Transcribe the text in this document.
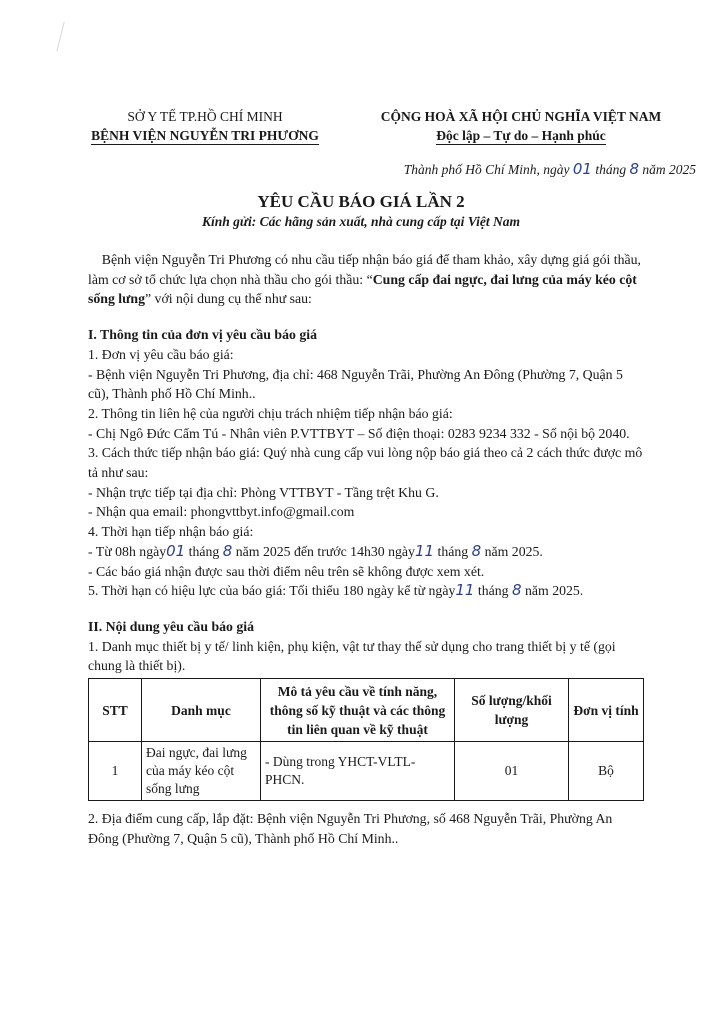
SỞ Y TẾ TP.HỒ CHÍ MINH
BỆNH VIỆN NGUYỄN TRI PHƯƠNG
CỘNG HOÀ XÃ HỘI CHỦ NGHĨA VIỆT NAM
Độc lập – Tự do – Hạnh phúc
Thành phố Hồ Chí Minh, ngày 01 tháng 8 năm 2025
YÊU CẦU BÁO GIÁ LẦN 2
Kính gửi: Các hãng sản xuất, nhà cung cấp tại Việt Nam

Bệnh viện Nguyễn Tri Phương có nhu cầu tiếp nhận báo giá để tham khảo, xây dựng giá gói thầu, làm cơ sở tổ chức lựa chọn nhà thầu cho gói thầu: “Cung cấp đai ngực, đai lưng của máy kéo cột sống lưng” với nội dung cụ thể như sau:

I. Thông tin của đơn vị yêu cầu báo giá

1. Đơn vị yêu cầu báo giá:

- Bệnh viện Nguyễn Tri Phương, địa chỉ: 468 Nguyễn Trãi, Phường An Đông (Phường 7, Quận 5 cũ), Thành phố Hồ Chí Minh..

2. Thông tin liên hệ của người chịu trách nhiệm tiếp nhận báo giá:

- Chị Ngô Đức Cẩm Tú - Nhân viên P.VTTBYT – Số điện thoại: 0283 9234 332 - Số nội bộ 2040.

3. Cách thức tiếp nhận báo giá: Quý nhà cung cấp vui lòng nộp báo giá theo cả 2 cách thức được mô tả như sau:

- Nhận trực tiếp tại địa chỉ: Phòng VTTBYT - Tầng trệt Khu G.

- Nhận qua email: phongvttbyt.info@gmail.com

4. Thời hạn tiếp nhận báo giá:

- Từ 08h ngày01 tháng 8 năm 2025 đến trước 14h30 ngày11 tháng 8 năm 2025.

- Các báo giá nhận được sau thời điểm nêu trên sẽ không được xem xét.

5. Thời hạn có hiệu lực của báo giá: Tối thiểu 180 ngày kể từ ngày11 tháng 8 năm 2025.

II. Nội dung yêu cầu báo giá

1. Danh mục thiết bị y tế/ linh kiện, phụ kiện, vật tư thay thế sử dụng cho trang thiết bị y tế (gọi chung là thiết bị).

STT	Danh mục	Mô tả yêu cầu về tính năng, thông số kỹ thuật và các thông tin liên quan về kỹ thuật	Số lượng/khối lượng	Đơn vị tính
1	Đai ngực, đai lưng của máy kéo cột sống lưng	- Dùng trong YHCT-VLTL-PHCN.	01	Bộ

2. Địa điểm cung cấp, lắp đặt: Bệnh viện Nguyễn Tri Phương, số 468 Nguyễn Trãi, Phường An Đông (Phường 7, Quận 5 cũ), Thành phố Hồ Chí Minh..
